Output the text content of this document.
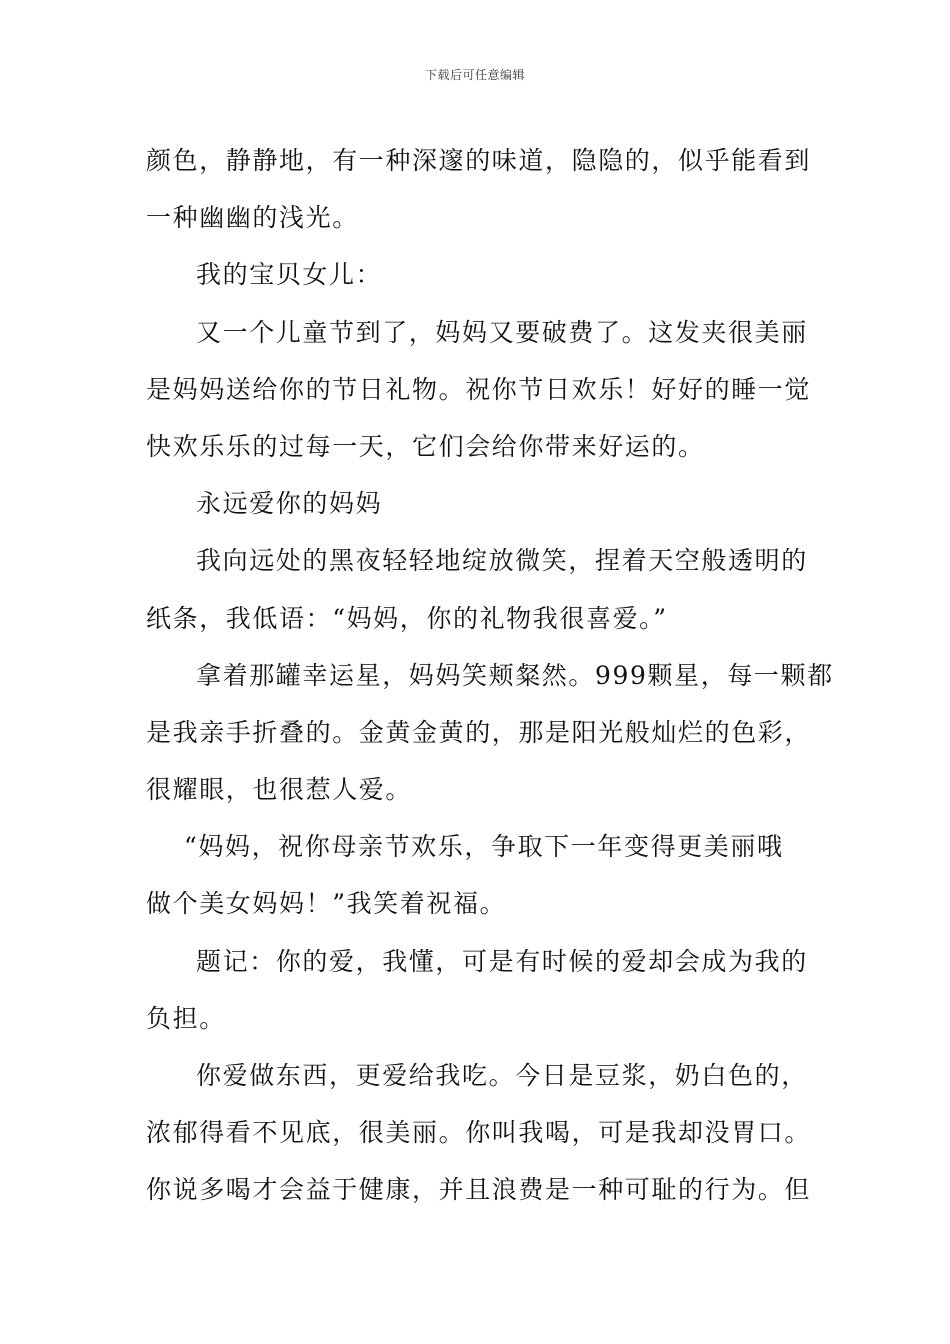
下载后可任意编辑
颜色，静静地，有一种深邃的味道，隐隐的，似乎能看到
一种幽幽的浅光。
我的宝贝女儿：
又一个儿童节到了，妈妈又要破费了。这发夹很美丽
是妈妈送给你的节日礼物。祝你节日欢乐！好好的睡一觉
快欢乐乐的过每一天，它们会给你带来好运的。
永远爱你的妈妈
我向远处的黑夜轻轻地绽放微笑，捏着天空般透明的
纸条，我低语：“妈妈，你的礼物我很喜爱。”
拿着那罐幸运星，妈妈笑颊粲然。999颗星，每一颗都
是我亲手折叠的。金黄金黄的，那是阳光般灿烂的色彩，
很耀眼，也很惹人爱。
“妈妈，祝你母亲节欢乐，争取下一年变得更美丽哦
做个美女妈妈！”我笑着祝福。
题记：你的爱，我懂，可是有时候的爱却会成为我的
负担。
你爱做东西，更爱给我吃。今日是豆浆，奶白色的，
浓郁得看不见底，很美丽。你叫我喝，可是我却没胃口。
你说多喝才会益于健康，并且浪费是一种可耻的行为。但
